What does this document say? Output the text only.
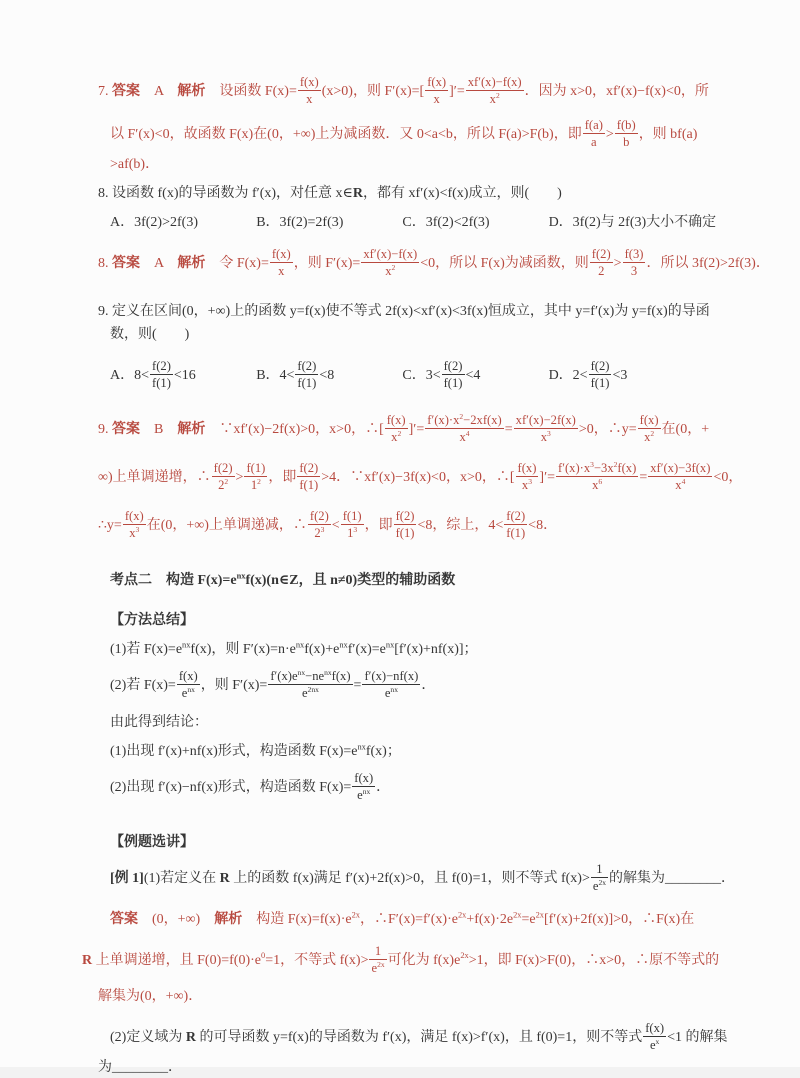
7. 答案　A　解析　设函数 $F(x)= \frac{f(x)}{x} (x>0)$，则 $F'(x)=[ \frac{f(x)}{x}$ ]′= $\frac{xf'(x)-f(x)}{x^2}$ ．因为 x>0，xf′(x)−f(x)<0，所
以 F′(x)<0，故函数 F(x)在(0，+∞)上为减函数．又 0<a<b，所以 F(a)>F(b)，即 $\frac{f(a)}{a} > \frac{f(b)}{b}$ ，则 bf(a)
>af(b)．
8. 设函数 f(x)的导函数为 f′(x)，对任意 x∈R，都有 xf′(x)<f(x)成立，则(　　)
A．3f(2)>2f(3)	B．3f(2)=2f(3)	C．3f(2)<2f(3)	D．3f(2)与 2f(3)大小不确定
8. 答案　A　解析　令 $F(x)= \frac{f(x)}{x}$ ，则 $F'(x)= \frac{xf'(x)-f(x)}{x^2} <0$，所以 F(x)为减函数，则 $\frac{f(2)}{2} > \frac{f(3)}{3}$ ．所以 3f(2)>2f(3)．
9. 定义在区间(0，+∞)上的函数 y=f(x)使不等式 2f(x)<xf′(x)<3f(x)恒成立，其中 y=f′(x)为 y=f(x)的导函
数，则(　　)
A．$8< \frac{f(2)}{f(1)} <16$	B．$4< \frac{f(2)}{f(1)} <8$	C．$3< \frac{f(2)}{f(1)} <4$	D．$2< \frac{f(2)}{f(1)} <3$
9. 答案　B　解析　∵xf′(x)−2f(x)>0，x>0，∴[ $\frac{f(x)}{x^2}$ ]′= $\frac{f'(x)\cdot x^2-2xf(x)}{x^4} = \frac{xf'(x)-2f(x)}{x^3} >0$，∴y= $\frac{f(x)}{x^2}$ 在(0，+
∞)上单调递增，∴ $\frac{f(2)}{2^2} > \frac{f(1)}{1^2}$ ，即 $\frac{f(2)}{f(1)} >4$．∵xf′(x)−3f(x)<0，x>0，∴[ $\frac{f(x)}{x^3}$ ]′= $\frac{f'(x)\cdot x^3-3x^2f(x)}{x^6} = \frac{xf'(x)-3f(x)}{x^4} <0$，
∴y= $\frac{f(x)}{x^3}$ 在(0，+∞)上单调递减，∴ $\frac{f(2)}{2^3} < \frac{f(1)}{1^3}$ ，即 $\frac{f(2)}{f(1)} <8$，综上，$4< \frac{f(2)}{f(1)} <8$．
考点二　构造 $F(x)=e^{nx}f(x)(n\in Z$，且 n≠0)类型的辅助函数
【方法总结】
(1)若 $F(x)=e^{nx}f(x)$，则 $F'(x)=n\cdot e^{nx}f(x)+e^{nx}f'(x)=e^{nx}[f'(x)+nf(x)]$；
(2)若 $F(x)= \frac{f(x)}{e^{nx}}$ ，则 $F'(x)= \frac{f'(x)e^{nx}-ne^{nx}f(x)}{e^{2nx}} = \frac{f'(x)-nf(x)}{e^{nx}}$ ．
由此得到结论：
(1)出现 f′(x)+nf(x)形式，构造函数 $F(x)=e^{nx}f(x)$；
(2)出现 f′(x)−nf(x)形式，构造函数 $F(x)= \frac{f(x)}{e^{nx}}$ ．
【例题选讲】
[例 1](1)若定义在 R 上的函数 f(x)满足 f′(x)+2f(x)>0，且 f(0)=1，则不等式 $f(x)> \frac{1}{e^{2x}}$ 的解集为________．
答案　(0，+∞)　解析　构造 $F(x)=f(x)\cdot e^{2x}$，$\therefore F'(x)=f'(x)\cdot e^{2x}+f(x)\cdot 2e^{2x}=e^{2x}[f'(x)+2f(x)]>0$，∴F(x)在
R 上单调递增，且 $F(0)=f(0)\cdot e^0=1$，不等式 $f(x)> \frac{1}{e^{2x}}$ 可化为 $f(x)e^{2x}>1$，即 F(x)>F(0)，∴x>0，∴原不等式的
解集为(0，+∞)．
(2)定义域为 R 的可导函数 y=f(x)的导函数为 f′(x)，满足 f(x)>f′(x)，且 f(0)=1，则不等式 $\frac{f(x)}{e^x} <1$ 的解集
为________．
